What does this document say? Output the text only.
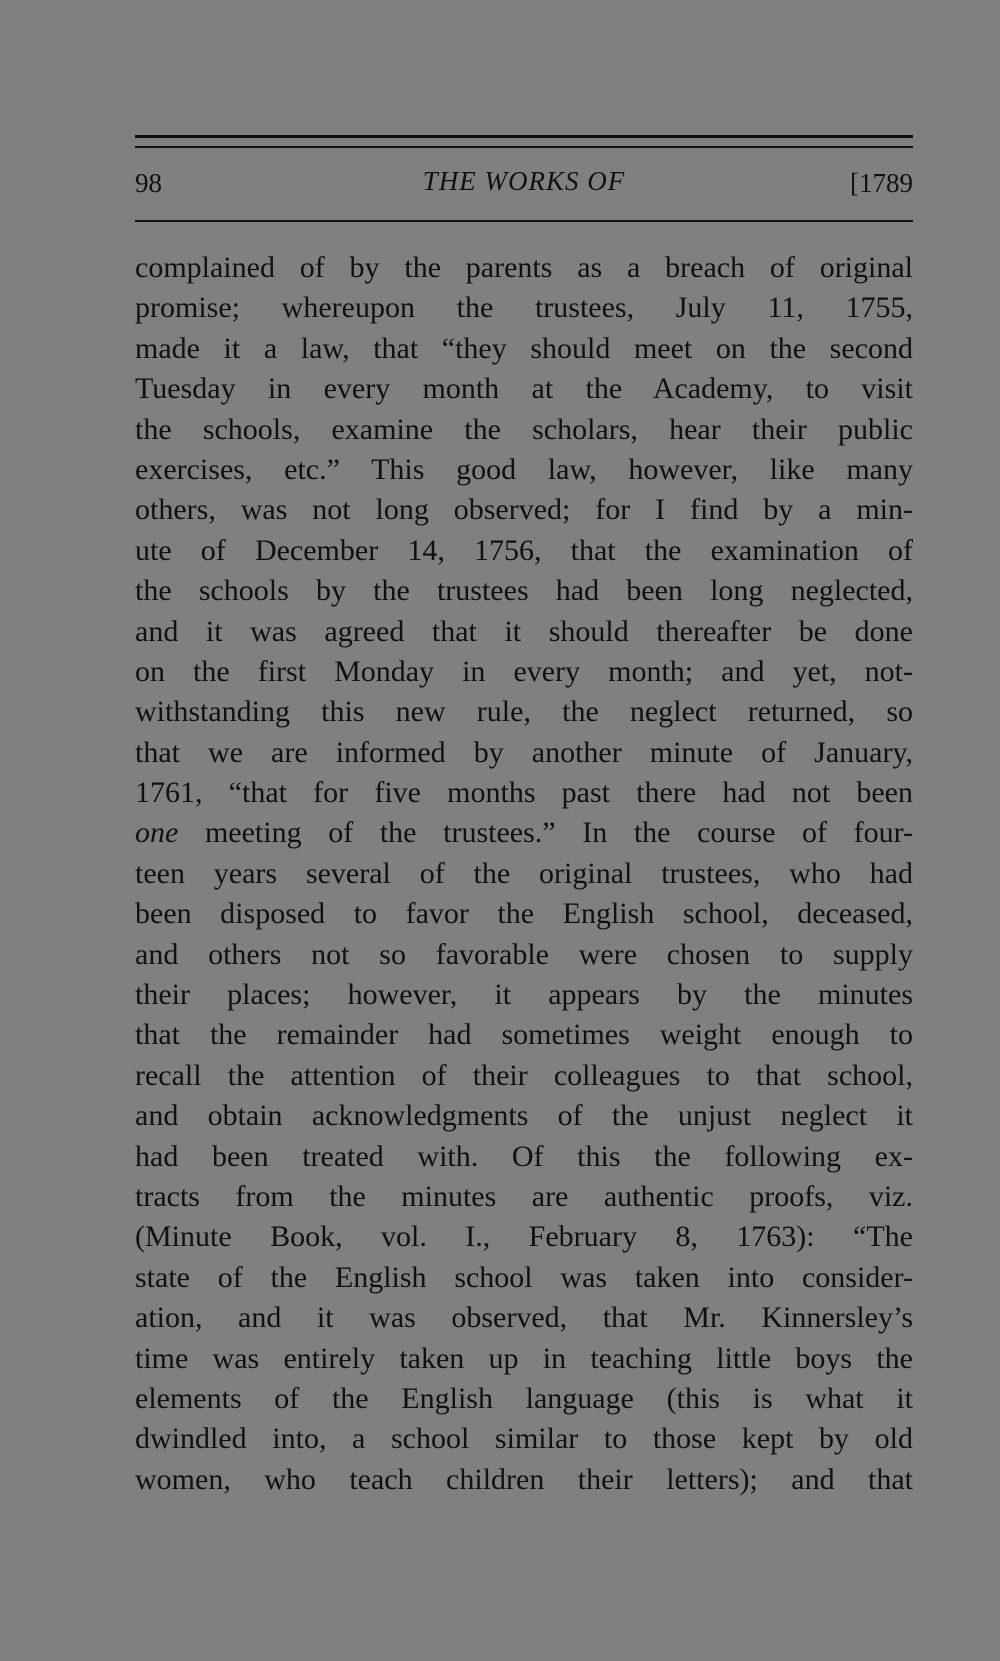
98	THE WORKS OF	[1789
complained of by the parents as a breach of original
promise; whereupon the trustees, July 11, 1755,
made it a law, that “they should meet on the second
Tuesday in every month at the Academy, to visit
the schools, examine the scholars, hear their public
exercises, etc.” This good law, however, like many
others, was not long observed; for I find by a min-
ute of December 14, 1756, that the examination of
the schools by the trustees had been long neglected,
and it was agreed that it should thereafter be done
on the first Monday in every month; and yet, not-
withstanding this new rule, the neglect returned, so
that we are informed by another minute of January,
1761, “that for five months past there had not been
one meeting of the trustees.” In the course of four-
teen years several of the original trustees, who had
been disposed to favor the English school, deceased,
and others not so favorable were chosen to supply
their places; however, it appears by the minutes
that the remainder had sometimes weight enough to
recall the attention of their colleagues to that school,
and obtain acknowledgments of the unjust neglect it
had been treated with. Of this the following ex-
tracts from the minutes are authentic proofs, viz.
(Minute Book, vol. I., February 8, 1763): “The
state of the English school was taken into consider-
ation, and it was observed, that Mr. Kinnersley’s
time was entirely taken up in teaching little boys the
elements of the English language (this is what it
dwindled into, a school similar to those kept by old
women, who teach children their letters); and that
